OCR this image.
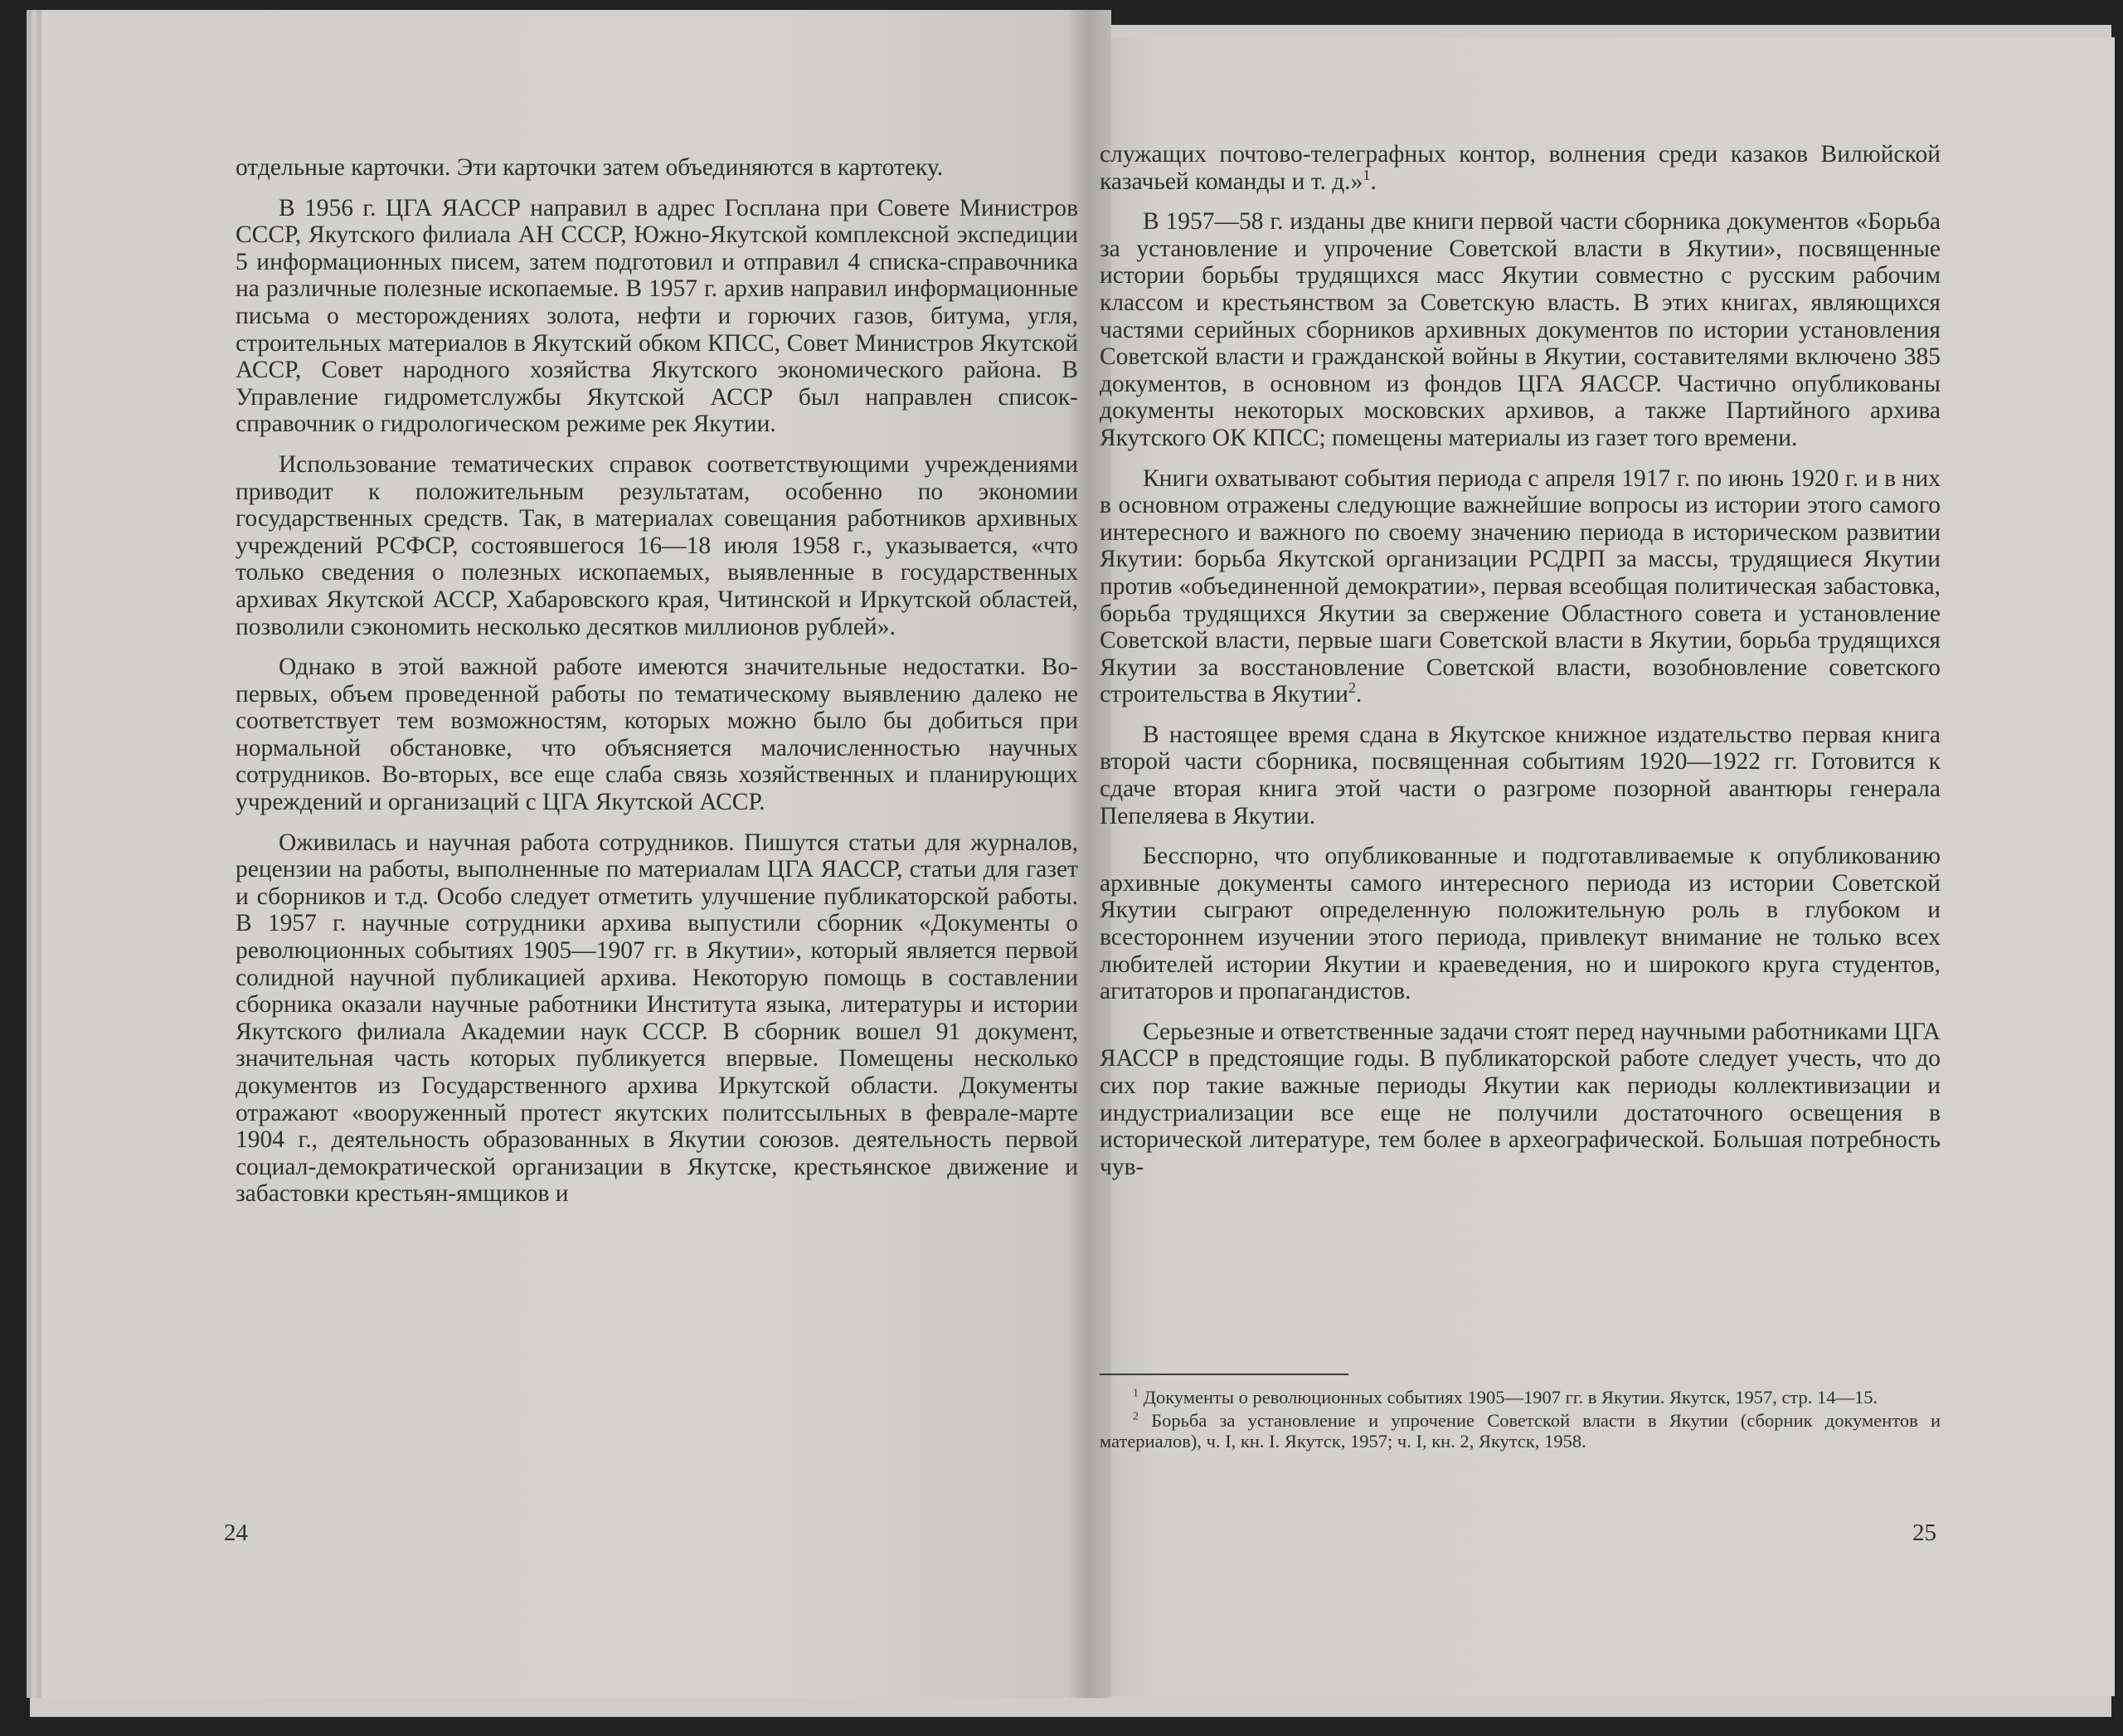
отдельные карточки. Эти карточки затем объединяются в картотеку.

В 1956 г. ЦГА ЯАССР направил в адрес Госплана при Совете Министров СССР, Якутского филиала АН СССР, Южно-Якутской комплексной экспедиции 5 информационных писем, затем подготовил и отправил 4 списка-справочника на различные полезные ископаемые. В 1957 г. архив направил информационные письма о месторождениях золота, нефти и горючих газов, битума, угля, строительных материалов в Якутский обком КПСС, Совет Министров Якутской АССР, Совет народного хозяйства Якутского экономического района. В Управление гидрометслужбы Якутской АССР был направлен список-справочник о гидрологическом режиме рек Якутии.

Использование тематических справок соответствующими учреждениями приводит к положительным результатам, особенно по экономии государственных средств. Так, в материалах совещания работников архивных учреждений РСФСР, состоявшегося 16—18 июля 1958 г., указывается, «что только сведения о полезных ископаемых, выявленные в государственных архивах Якутской АССР, Хабаровского края, Читинской и Иркутской областей, позволили сэкономить несколько десятков миллионов рублей».

Однако в этой важной работе имеются значительные недостатки. Во-первых, объем проведенной работы по тематическому выявлению далеко не соответствует тем возможностям, которых можно было бы добиться при нормальной обстановке, что объясняется малочисленностью научных сотрудников. Во-вторых, все еще слаба связь хозяйственных и планирующих учреждений и организаций с ЦГА Якутской АССР.

Оживилась и научная работа сотрудников. Пишутся статьи для журналов, рецензии на работы, выполненные по материалам ЦГА ЯАССР, статьи для газет и сборников и т.д. Особо следует отметить улучшение публикаторской работы. В 1957 г. научные сотрудники архива выпустили сборник «Документы о революционных событиях 1905—1907 гг. в Якутии», который является первой солидной научной публикацией архива. Некоторую помощь в составлении сборника оказали научные работники Института языка, литературы и истории Якутского филиала Академии наук СССР. В сборник вошел 91 документ, значительная часть которых публикуется впервые. Помещены несколько документов из Государственного архива Иркутской области. Документы отражают «вооруженный протест якутских политссыльных в феврале-марте 1904 г., деятельность образованных в Якутии союзов. деятельность первой социал-демократической организации в Якутске, крестьянское движение и забастовки крестьян-ямщиков и

служащих почтово-телеграфных контор, волнения среди казаков Вилюйской казачьей команды и т. д.»$^1$.

В 1957—58 г. изданы две книги первой части сборника документов «Борьба за установление и упрочение Советской власти в Якутии», посвященные истории борьбы трудящихся масс Якутии совместно с русским рабочим классом и крестьянством за Советскую власть. В этих книгах, являющихся частями серийных сборников архивных документов по истории установления Советской власти и гражданской войны в Якутии, составителями включено 385 документов, в основном из фондов ЦГА ЯАССР. Частично опубликованы документы некоторых московских архивов, а также Партийного архива Якутского ОК КПСС; помещены материалы из газет того времени.

Книги охватывают события периода с апреля 1917 г. по июнь 1920 г. и в них в основном отражены следующие важнейшие вопросы из истории этого самого интересного и важного по своему значению периода в историческом развитии Якутии: борьба Якутской организации РСДРП за массы, трудящиеся Якутии против «объединенной демократии», первая всеобщая политическая забастовка, борьба трудящихся Якутии за свержение Областного совета и установление Советской власти, первые шаги Советской власти в Якутии, борьба трудящихся Якутии за восстановление Советской власти, возобновление советского строительства в Якутии$^2$.

В настоящее время сдана в Якутское книжное издательство первая книга второй части сборника, посвященная событиям 1920—1922 гг. Готовится к сдаче вторая книга этой части о разгроме позорной авантюры генерала Пепеляева в Якутии.

Бесспорно, что опубликованные и подготавливаемые к опубликованию архивные документы самого интересного периода из истории Советской Якутии сыграют определенную положительную роль в глубоком и всестороннем изучении этого периода, привлекут внимание не только всех любителей истории Якутии и краеведения, но и широкого круга студентов, агитаторов и пропагандистов.

Серьезные и ответственные задачи стоят перед научными работниками ЦГА ЯАССР в предстоящие годы. В публикаторской работе следует учесть, что до сих пор такие важные периоды Якутии как периоды коллективизации и индустриализации все еще не получили достаточного освещения в исторической литературе, тем более в археографической. Большая потребность чув-

$^1$ Документы о революционных событиях 1905—1907 гг. в Якутии. Якутск, 1957, стр. 14—15.

$^2$ Борьба за установление и упрочение Советской власти в Якутии (сборник документов и материалов), ч. I, кн. I. Якутск, 1957; ч. I, кн. 2, Якутск, 1958.

24	25
